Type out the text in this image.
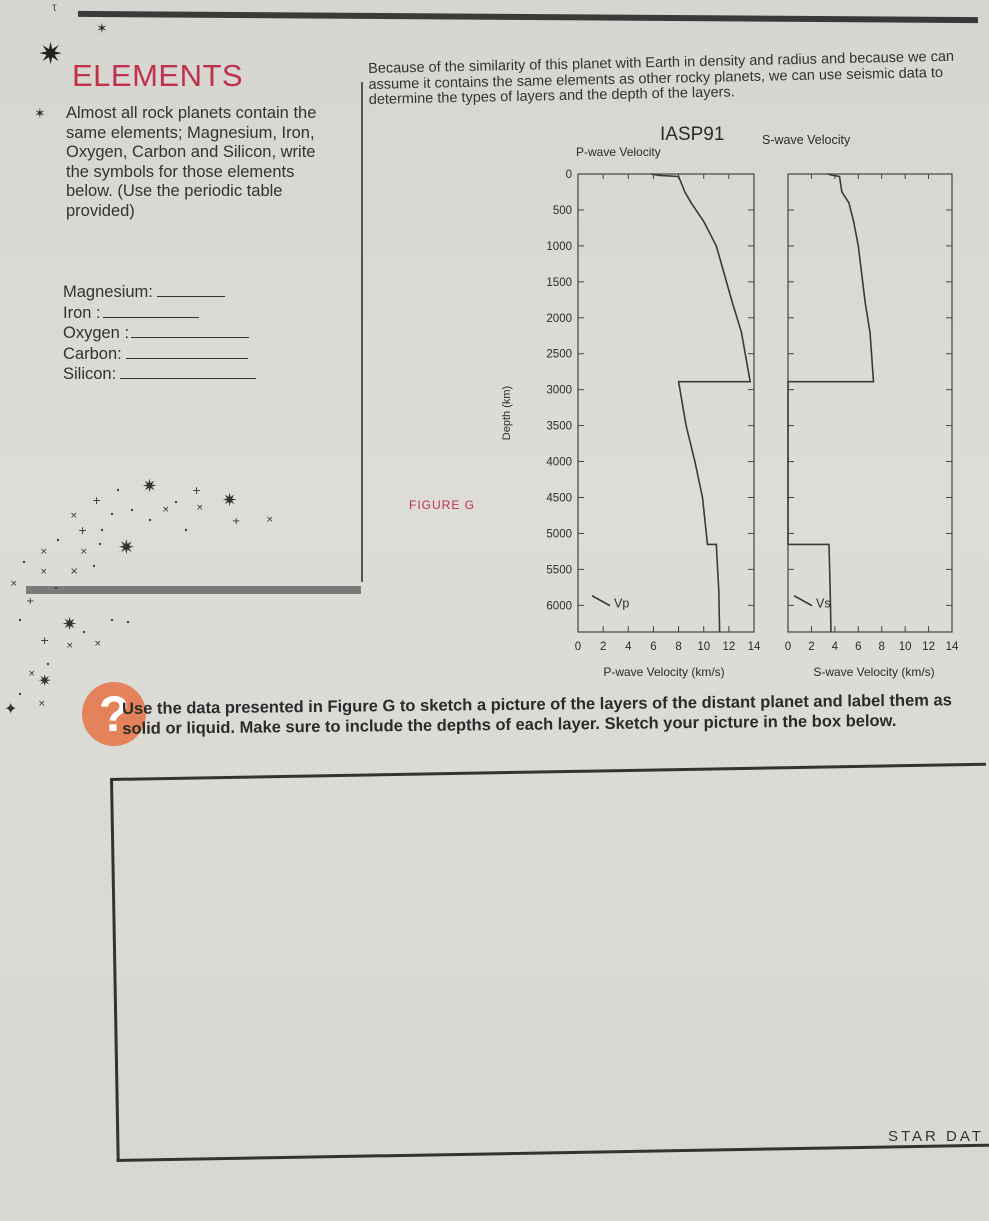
τ
✶
✷
ELEMENTS
✶ Almost all rock planets contain the same elements; Magnesium, Iron, Oxygen, Carbon and Silicon, write the symbols for those elements below. (Use the periodic table provided)
Magnesium:
Iron :
Oxygen :
Carbon:
Silicon:
✷
✷
✷
✷
✷
✦
+
+
×
×
×	×
+
+
×	×
×
×
×
+
+ × ×
×
×
Because of the similarity of this planet with Earth in density and radius and because we can assume it contains the same elements as other rocky planets, we can use seismic data to determine the types of layers and the depth of the layers.
FIGURE G
IASP91
P-wave Velocity
S-wave Velocity
Depth (km)
P-wave Velocity (km/s)	S-wave Velocity (km/s)
0 2 4 6 8 10 12 14
0
500
1000
1500
2000
2500
3000
3500
4000
4500
5000
5500
6000	Vp
0 2 4 6 8 10 12 14
Vs
?
Use the data presented in Figure G to sketch a picture of the layers of the distant planet and label them as solid or liquid. Make sure to include the depths of each layer. Sketch your picture in the box below.
STAR DAT
